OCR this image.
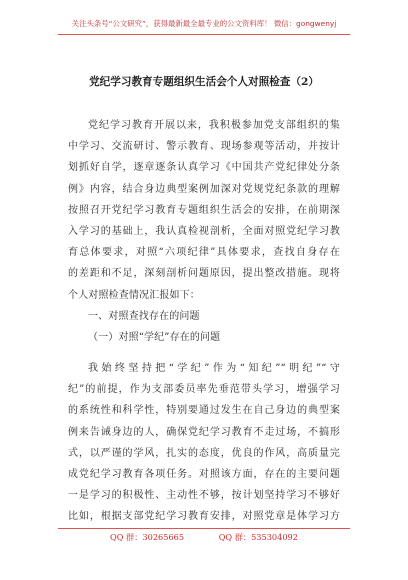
关注头条号“公文研究”，获得最新最全最专业的公文资料库！ 微信：gongwenyj
党纪学习教育专题组织生活会个人对照检查（2）
党纪学习教育开展以来，我积极参加党支部组织的集
中学习、交流研讨、警示教育、现场参观等活动，并按计
划抓好自学，逐章逐条认真学习《中国共产党纪律处分条
例》内容，结合身边典型案例加深对党规党纪条款的理解
按照召开党纪学习教育专题组织生活会的安排，在前期深
入学习的基础上，我认真检视剖析，全面对照党纪学习教
育总体要求，对照“六项纪律”具体要求，查找自身存在
的差距和不足，深刻剖析问题原因，提出整改措施。现将
个人对照检查情况汇报如下：
一、对照查找存在的问题
（一）对照“学纪”存在的问题
我始终坚持把“学纪”作为“知纪”“明纪”“守
纪”的前提，作为支部委员率先垂范带头学习，增强学习
的系统性和科学性，特别要通过发生在自己身边的典型案
例来告诫身边的人，确保党纪学习教育不走过场，不搞形
式，以严谨的学风，扎实的态度，优良的作风，高质量完
成党纪学习教育各项任务。对照该方面，存在的主要问题
一是学习的积极性、主动性不够，按计划坚持学习不够好
比如，根据支部党纪学习教育安排，对照党章是体学习方
QQ 群：30265665	QQ 群：535304092
